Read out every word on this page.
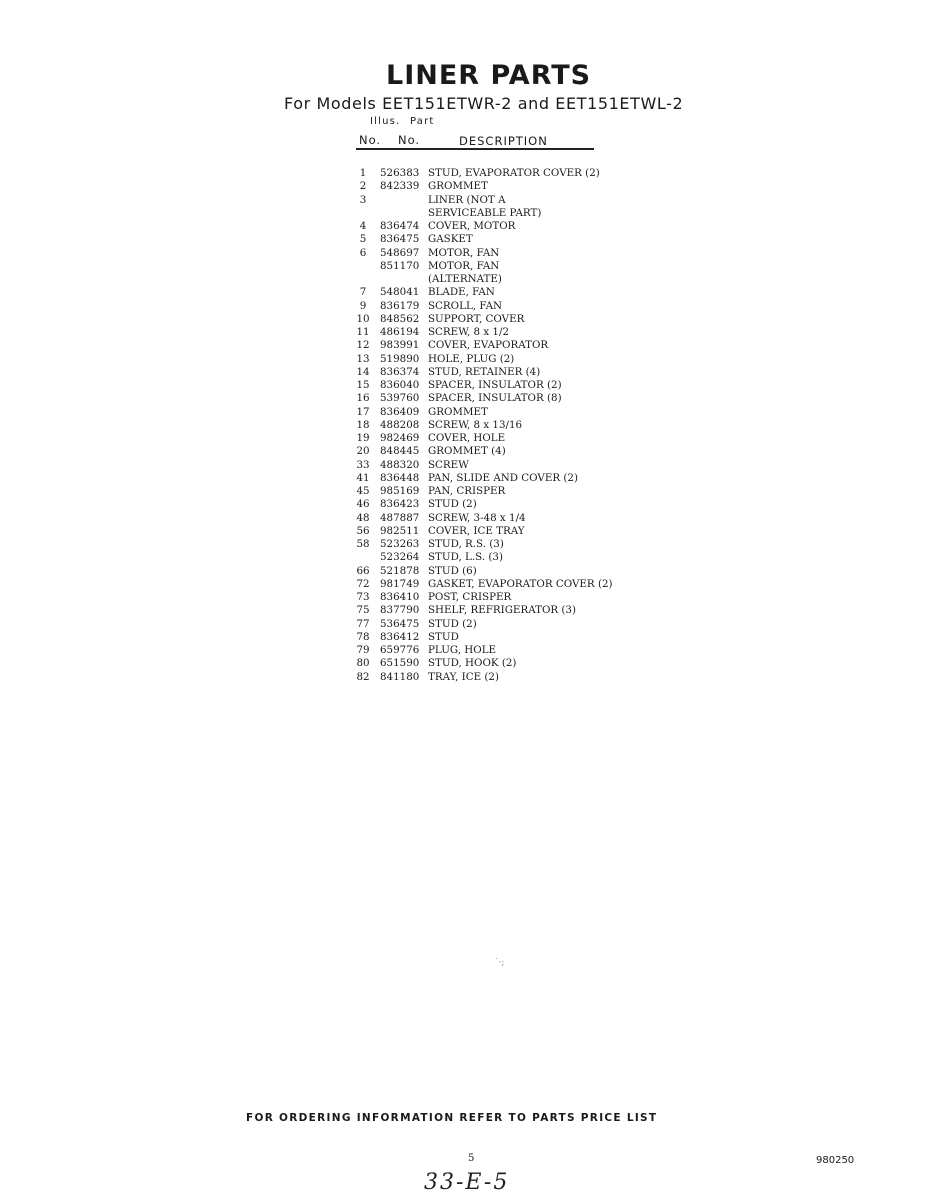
LINER PARTS
For Models EET151ETWR-2 and EET151ETWL-2
Illus. Part
No. No.	DESCRIPTION
1	526383 STUD, EVAPORATOR COVER (2)
2	842339 GROMMET
3	LINER (NOT A
SERVICEABLE PART)
4	836474 COVER, MOTOR
5	836475 GASKET
6	548697 MOTOR, FAN
851170 MOTOR, FAN
(ALTERNATE)
7	548041 BLADE, FAN
9	836179 SCROLL, FAN
10	848562 SUPPORT, COVER
11	486194 SCREW, 8 x 1/2
12	983991 COVER, EVAPORATOR
13	519890 HOLE, PLUG (2)
14	836374 STUD, RETAINER (4)
15	836040 SPACER, INSULATOR (2)
16	539760 SPACER, INSULATOR (8)
17	836409 GROMMET
18	488208 SCREW, 8 x 13/16
19	982469 COVER, HOLE
20	848445 GROMMET (4)
33	488320 SCREW
41	836448 PAN, SLIDE AND COVER (2)
45	985169 PAN, CRISPER
46	836423 STUD (2)
48	487887 SCREW, 3-48 x 1/4
56	982511 COVER, ICE TRAY
58	523263 STUD, R.S. (3)
523264 STUD, L.S. (3)
66	521878 STUD (6)
72	981749 GASKET, EVAPORATOR COVER (2)
73	836410 POST, CRISPER
75	837790 SHELF, REFRIGERATOR (3)
77	536475 STUD (2)
78	836412 STUD
79	659776 PLUG, HOLE
80	651590 STUD, HOOK (2)
82	841180 TRAY, ICE (2)
˙·;
FOR ORDERING INFORMATION REFER TO PARTS PRICE LIST
5	980250
33-E-5
